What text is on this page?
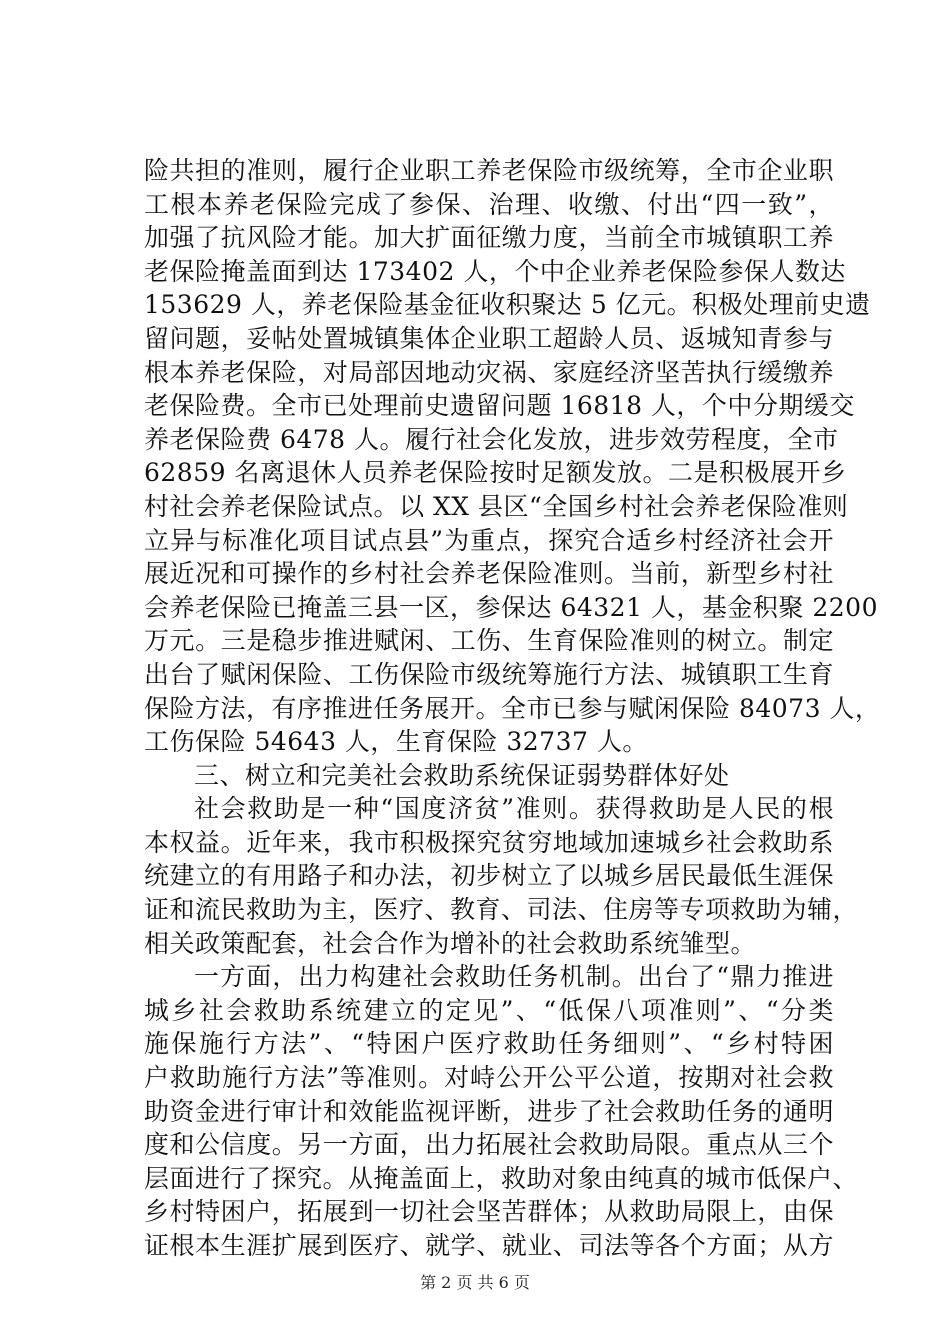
险共担的准则，履行企业职工养老保险市级统筹，全市企业职
工根本养老保险完成了参保、治理、收缴、付出“四一致”，
加强了抗风险才能。加大扩面征缴力度，当前全市城镇职工养
老保险掩盖面到达 173402 人，个中企业养老保险参保人数达
153629 人，养老保险基金征收积聚达 5 亿元。积极处理前史遗
留问题，妥帖处置城镇集体企业职工超龄人员、返城知青参与
根本养老保险，对局部因地动灾祸、家庭经济坚苦执行缓缴养
老保险费。全市已处理前史遗留问题 16818 人，个中分期缓交
养老保险费 6478 人。履行社会化发放，进步效劳程度，全市
62859 名离退休人员养老保险按时足额发放。二是积极展开乡
村社会养老保险试点。以 XX 县区“全国乡村社会养老保险准则
立异与标准化项目试点县”为重点，探究合适乡村经济社会开
展近况和可操作的乡村社会养老保险准则。当前，新型乡村社
会养老保险已掩盖三县一区，参保达 64321 人，基金积聚 2200
万元。三是稳步推进赋闲、工伤、生育保险准则的树立。制定
出台了赋闲保险、工伤保险市级统筹施行方法、城镇职工生育
保险方法，有序推进任务展开。全市已参与赋闲保险 84073 人，
工伤保险 54643 人，生育保险 32737 人。
三、树立和完美社会救助系统保证弱势群体好处
社会救助是一种“国度济贫”准则。获得救助是人民的根
本权益。近年来，我市积极探究贫穷地域加速城乡社会救助系
统建立的有用路子和办法，初步树立了以城乡居民最低生涯保
证和流民救助为主，医疗、教育、司法、住房等专项救助为辅，
相关政策配套，社会合作为增补的社会救助系统雏型。
一方面，出力构建社会救助任务机制。出台了“鼎力推进
城乡社会救助系统建立的定见”、“低保八项准则”、“分类
施保施行方法”、“特困户医疗救助任务细则”、“乡村特困
户救助施行方法”等准则。对峙公开公平公道，按期对社会救
助资金进行审计和效能监视评断，进步了社会救助任务的通明
度和公信度。另一方面，出力拓展社会救助局限。重点从三个
层面进行了探究。从掩盖面上，救助对象由纯真的城市低保户、
乡村特困户，拓展到一切社会坚苦群体；从救助局限上，由保
证根本生涯扩展到医疗、就学、就业、司法等各个方面；从方
第 2 页 共 6 页
